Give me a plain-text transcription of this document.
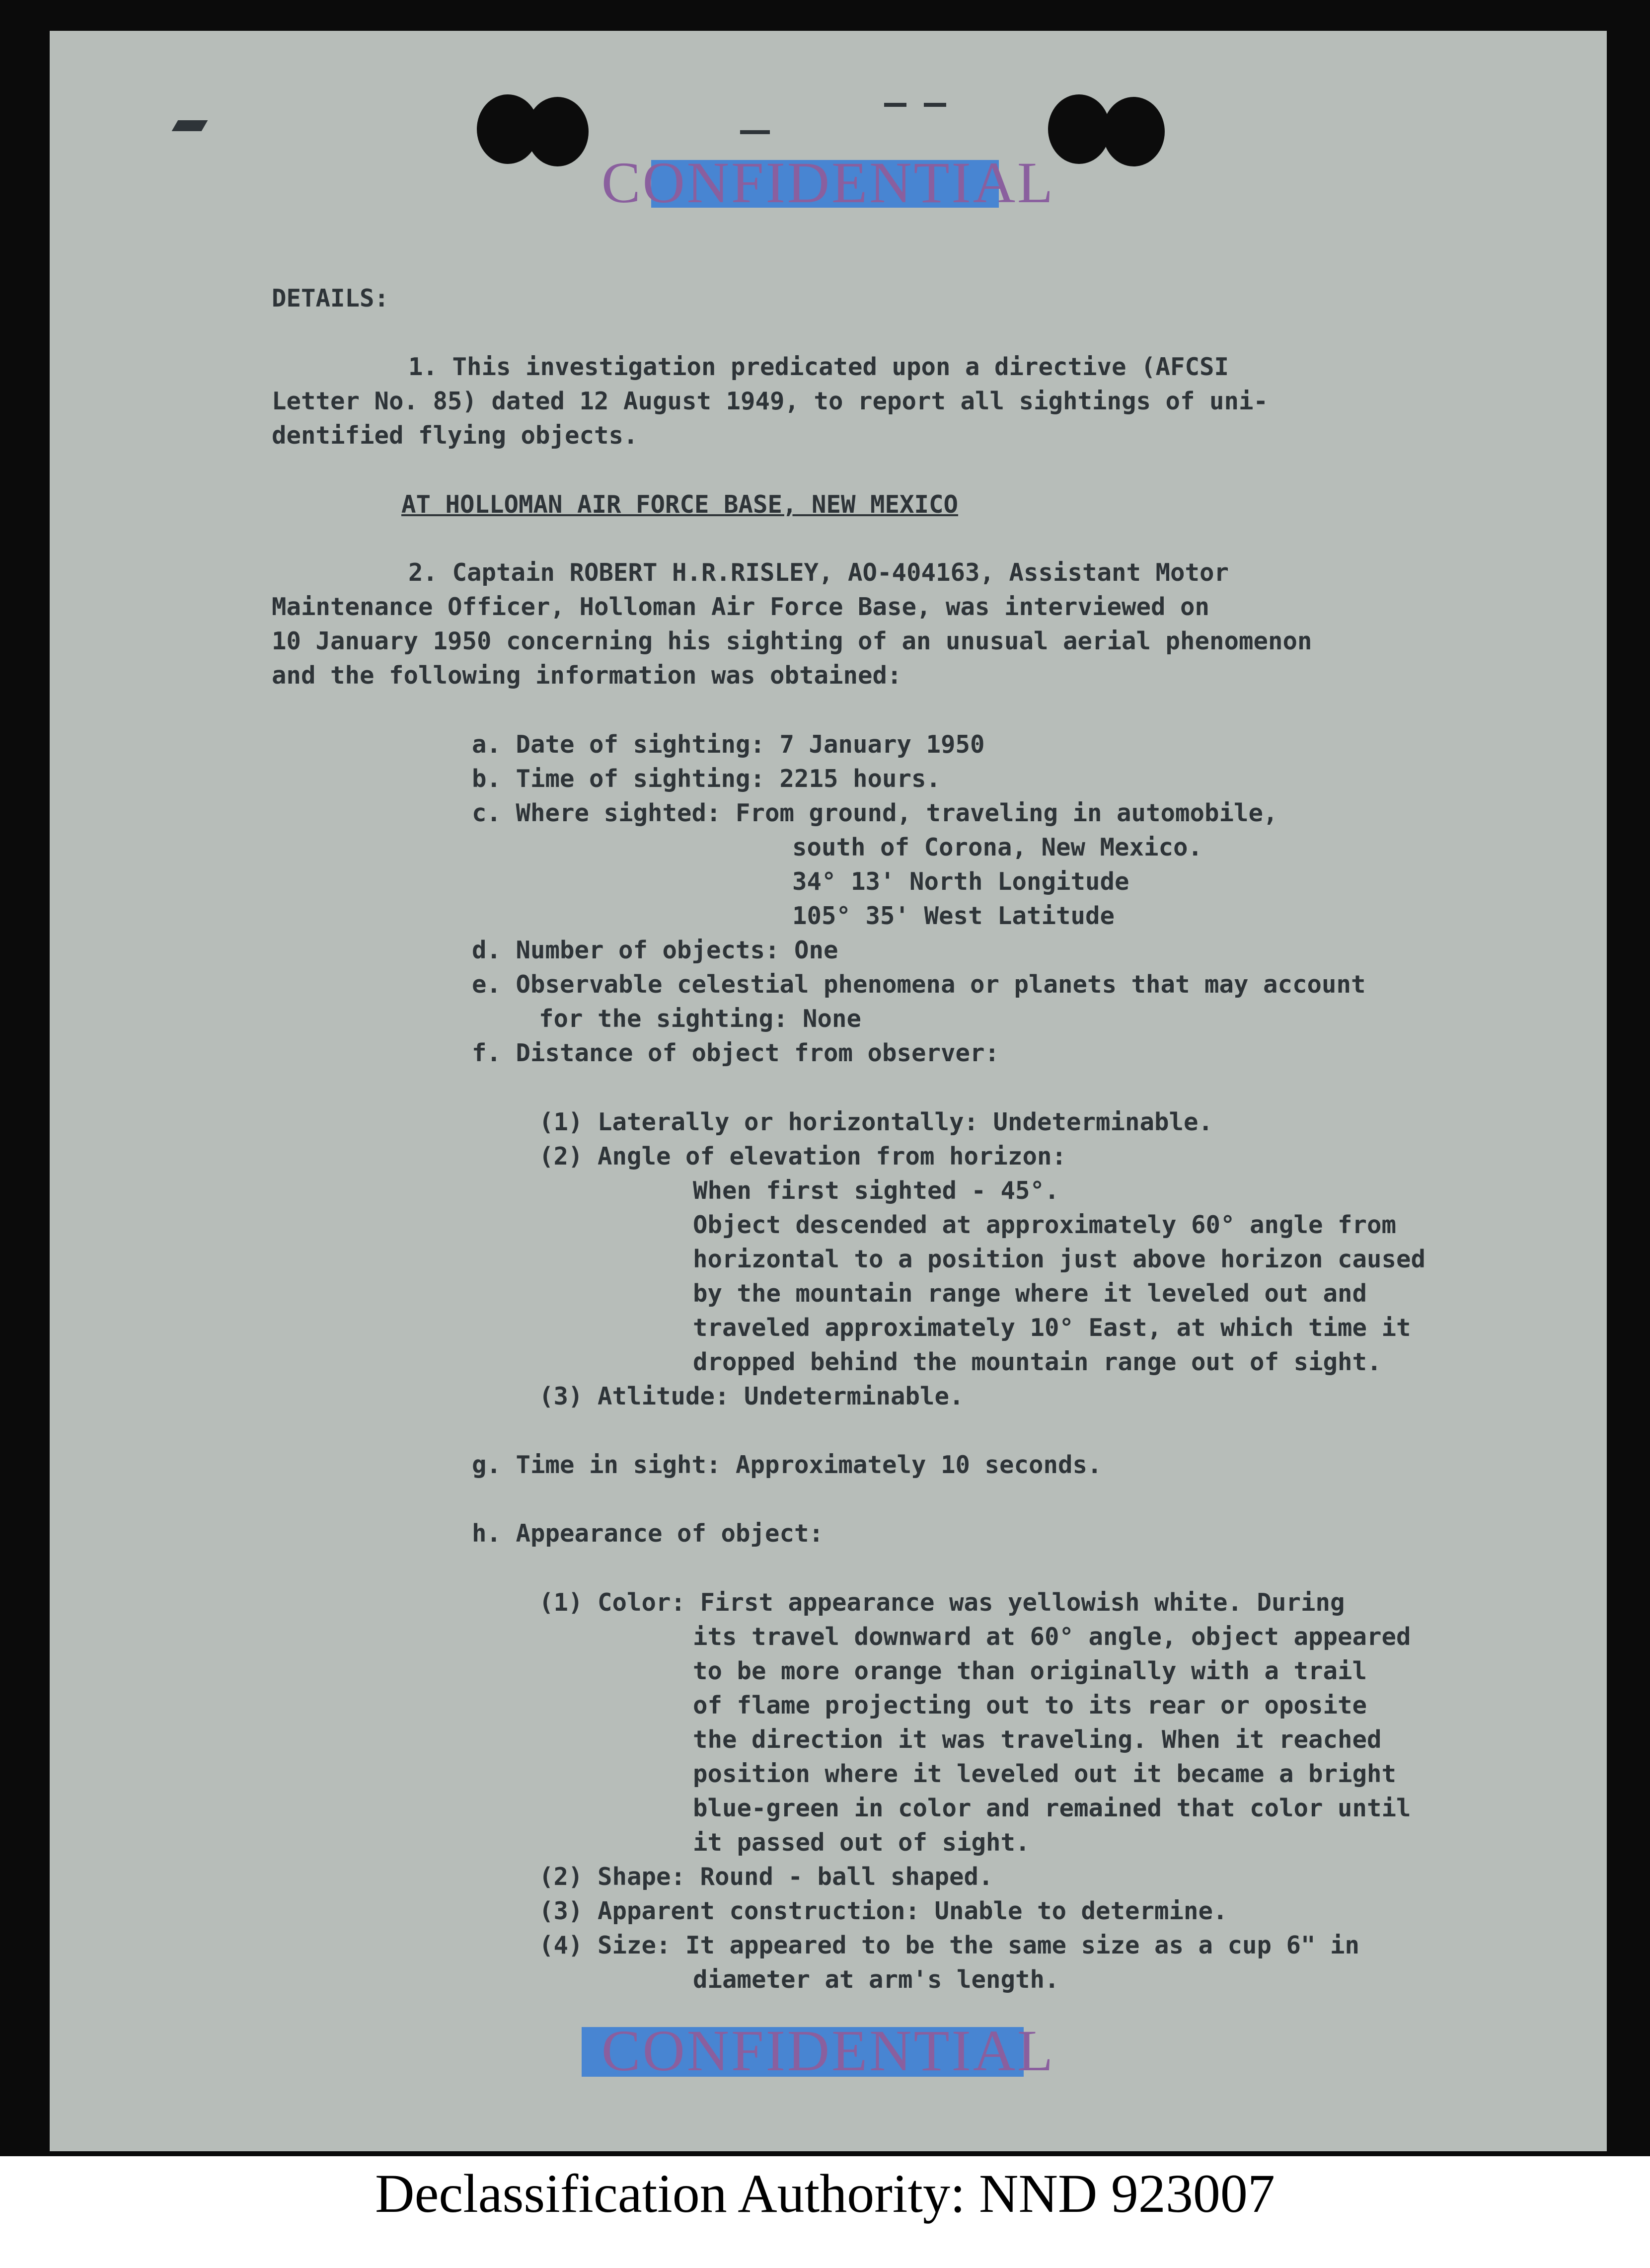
CONFIDENTIAL
DETAILS:
1. This investigation predicated upon a directive (AFCSI
Letter No. 85) dated 12 August 1949, to report all sightings of uni-
dentified flying objects.
AT HOLLOMAN AIR FORCE BASE, NEW MEXICO
2. Captain ROBERT H.R.RISLEY, AO-404163, Assistant Motor
Maintenance Officer, Holloman Air Force Base, was interviewed on
10 January 1950 concerning his sighting of an unusual aerial phenomenon
and the following information was obtained:
a. Date of sighting: 7 January 1950
b. Time of sighting: 2215 hours.
c. Where sighted: From ground, traveling in automobile,
south of Corona, New Mexico.
34° 13' North Longitude
105° 35' West Latitude
d. Number of objects: One
e. Observable celestial phenomena or planets that may account
for the sighting: None
f. Distance of object from observer:
(1) Laterally or horizontally: Undeterminable.
(2) Angle of elevation from horizon:
When first sighted - 45°.
Object descended at approximately 60° angle from
horizontal to a position just above horizon caused
by the mountain range where it leveled out and
traveled approximately 10° East, at which time it
dropped behind the mountain range out of sight.
(3) Atlitude: Undeterminable.
g. Time in sight: Approximately 10 seconds.
h. Appearance of object:
(1) Color: First appearance was yellowish white. During
its travel downward at 60° angle, object appeared
to be more orange than originally with a trail
of flame projecting out to its rear or oposite
the direction it was traveling. When it reached
position where it leveled out it became a bright
blue-green in color and remained that color until
it passed out of sight.
(2) Shape: Round - ball shaped.
(3) Apparent construction: Unable to determine.
(4) Size: It appeared to be the same size as a cup 6" in
diameter at arm's length.
CONFIDENTIAL
Declassification Authority: NND 923007
